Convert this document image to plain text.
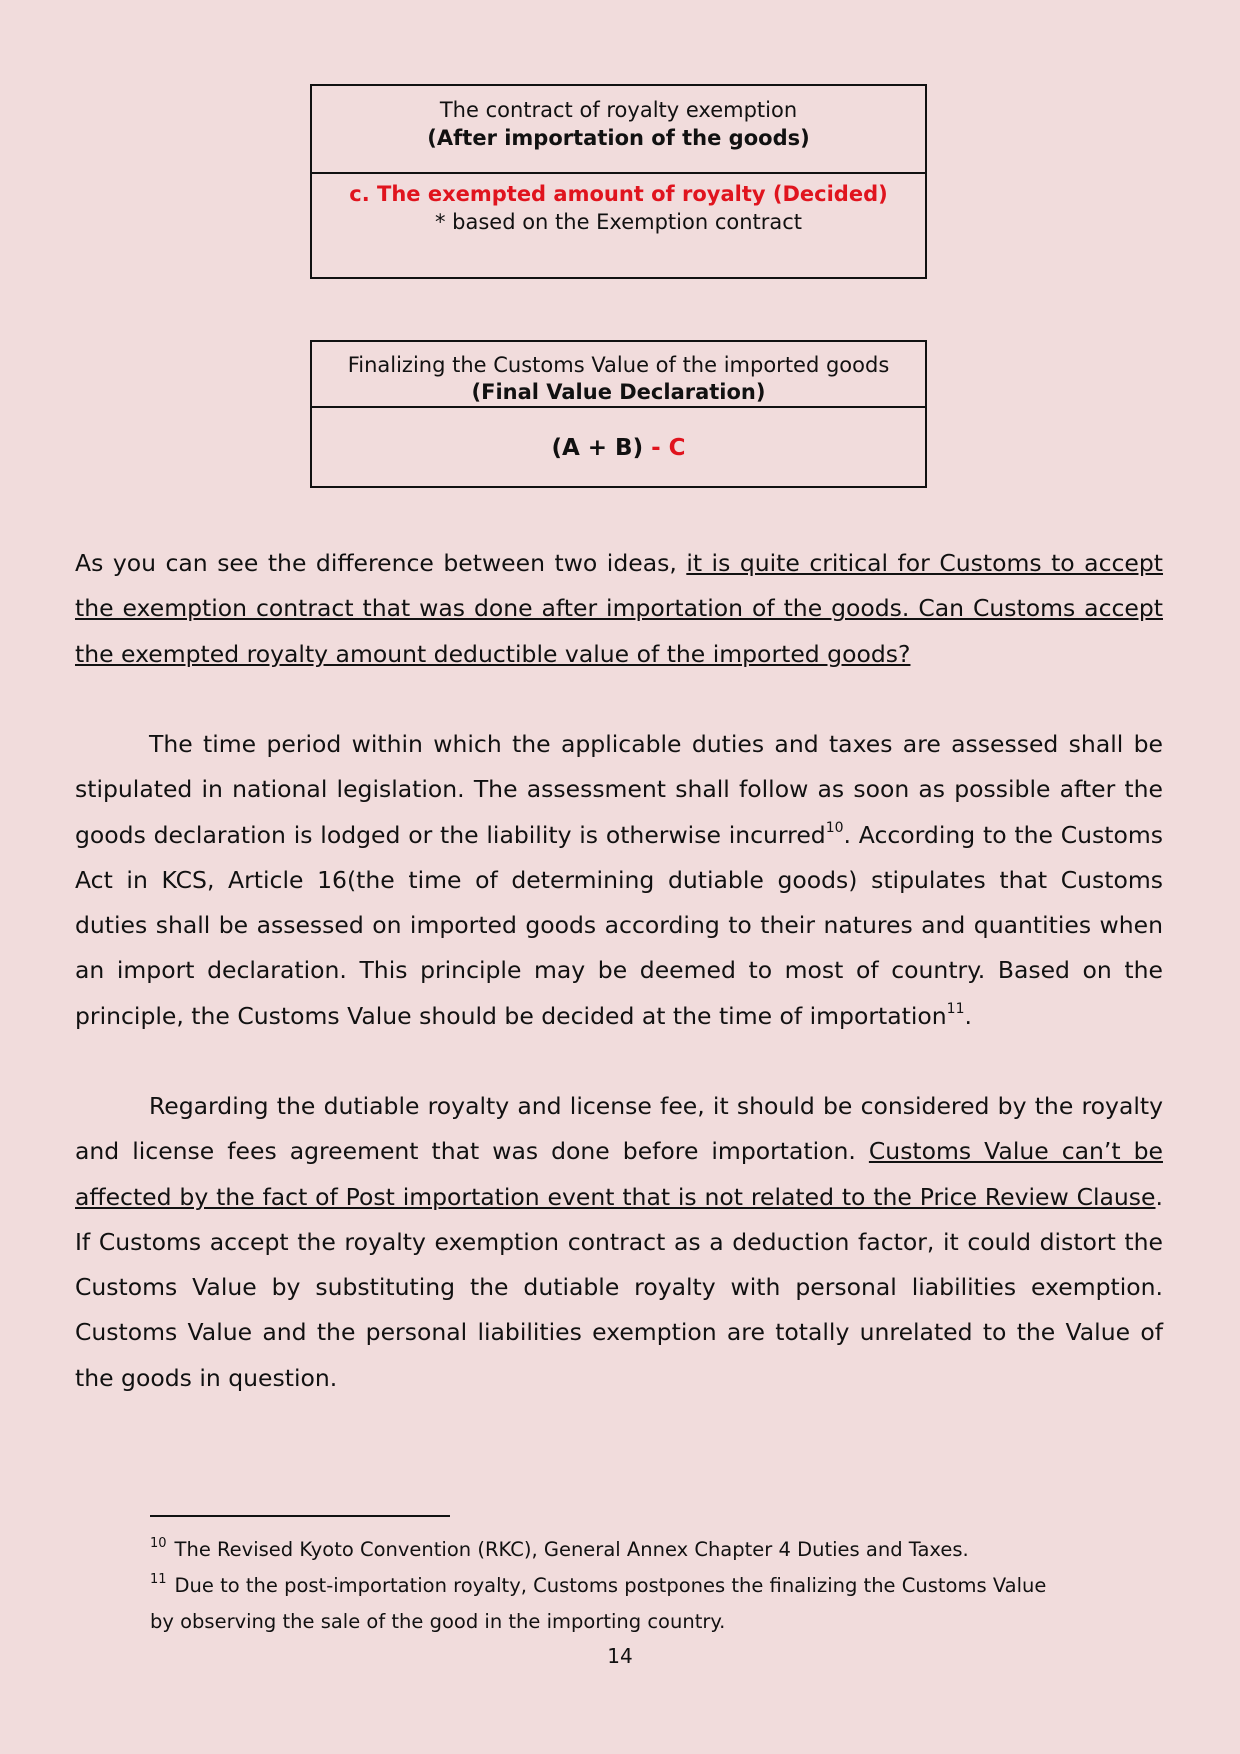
The contract of royalty exemption
(After importation of the goods)
c. The exempted amount of royalty (Decided)
* based on the Exemption contract
Finalizing the Customs Value of the imported goods
(Final Value Declaration)
(A + B) - C

As you can see the difference between two ideas, it is quite critical for Customs to accept the exemption contract that was done after importation of the goods. Can Customs accept the exempted royalty amount deductible value of the imported goods?

The time period within which the applicable duties and taxes are assessed shall be stipulated in national legislation. The assessment shall follow as soon as possible after the goods declaration is lodged or the liability is otherwise incurred$^{10}$. According to the Customs Act in KCS, Article 16(the time of determining dutiable goods) stipulates that Customs duties shall be assessed on imported goods according to their natures and quantities when an import declaration. This principle may be deemed to most of country. Based on the principle, the Customs Value should be decided at the time of importation$^{11}$.

Regarding the dutiable royalty and license fee, it should be considered by the royalty and license fees agreement that was done before importation. Customs Value can’t be affected by the fact of Post importation event that is not related to the Price Review Clause. If Customs accept the royalty exemption contract as a deduction factor, it could distort the Customs Value by substituting the dutiable royalty with personal liabilities exemption. Customs Value and the personal liabilities exemption are totally unrelated to the Value of the goods in question.

$^{10}$ The Revised Kyoto Convention (RKC), General Annex Chapter 4 Duties and Taxes.
$^{11}$ Due to the post-importation royalty, Customs postpones the finalizing the Customs Value by observing the sale of the good in the importing country.
14
